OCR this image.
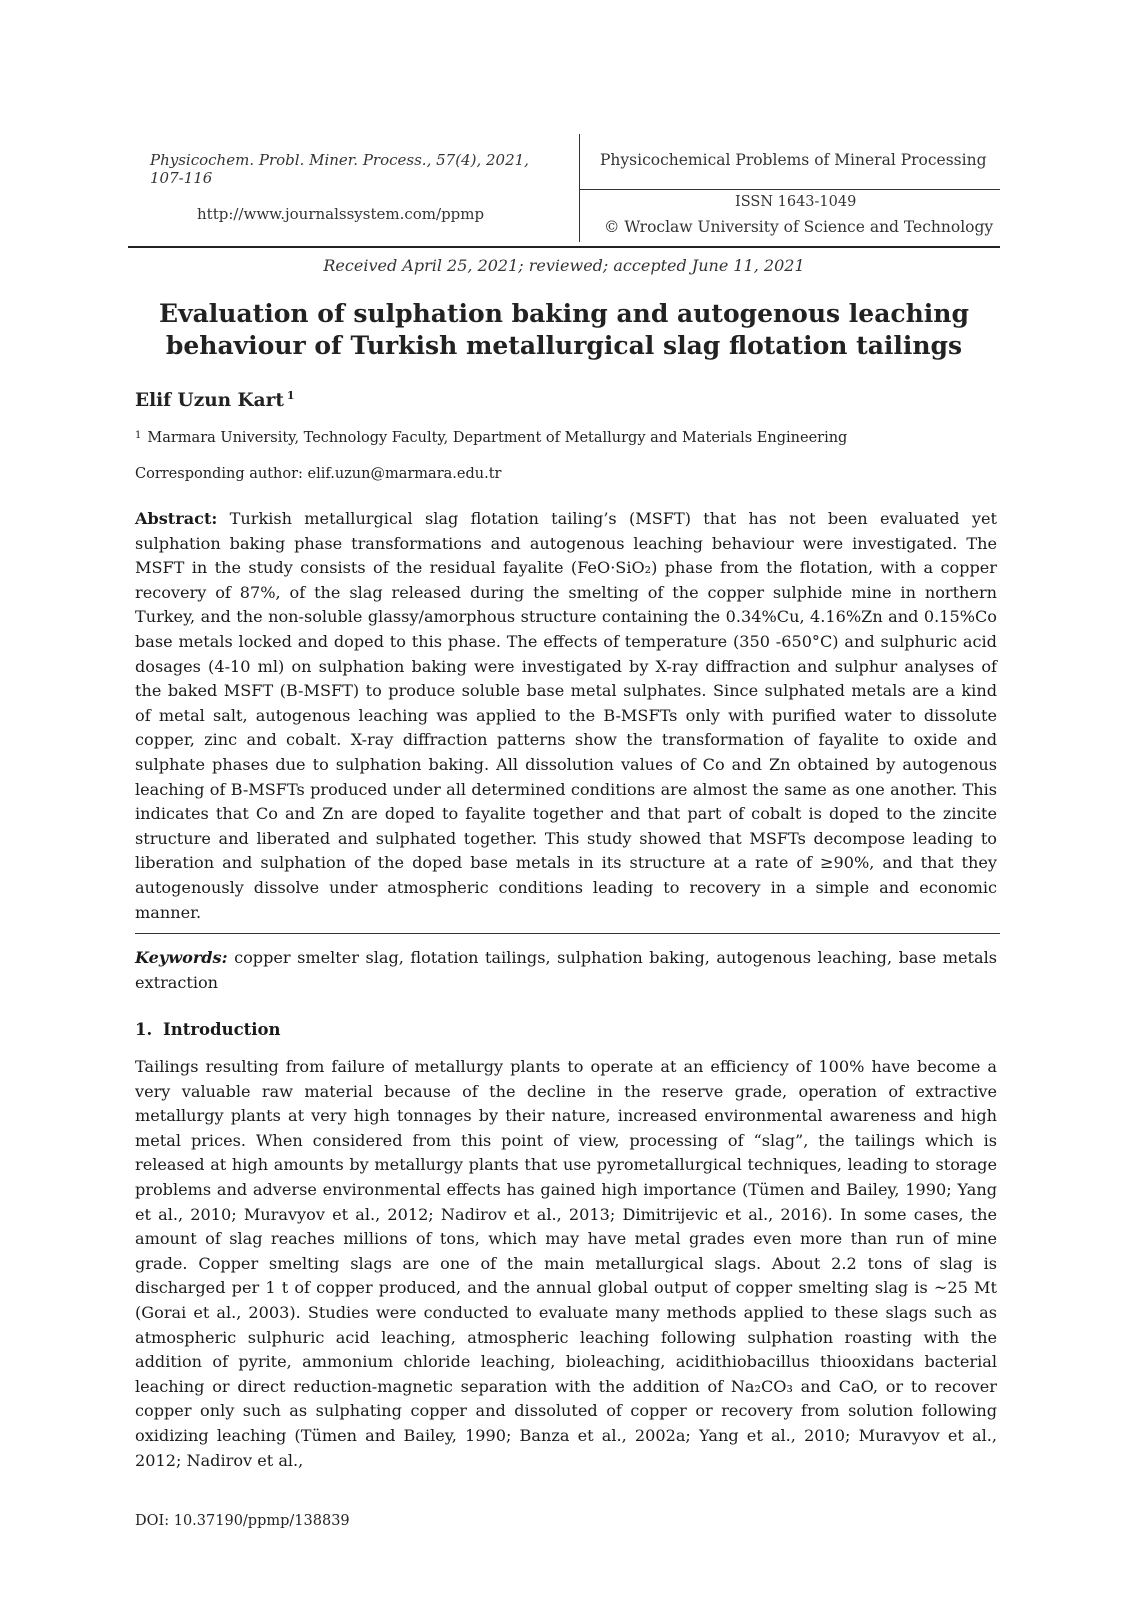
Physicochem. Probl. Miner. Process., 57(4), 2021, 107-116
http://www.journalssystem.com/ppmp
Physicochemical Problems of Mineral Processing
ISSN 1643-1049
© Wroclaw University of Science and Technology
Received April 25, 2021; reviewed; accepted June 11, 2021
Evaluation of sulphation baking and autogenous leaching behaviour of Turkish metallurgical slag flotation tailings
Elif Uzun Kart $^1$
$^1$ Marmara University, Technology Faculty, Department of Metallurgy and Materials Engineering
Corresponding author: elif.uzun@marmara.edu.tr
Abstract: Turkish metallurgical slag flotation tailing’s (MSFT) that has not been evaluated yet sulphation baking phase transformations and autogenous leaching behaviour were investigated. The MSFT in the study consists of the residual fayalite (FeO·SiO₂) phase from the flotation, with a copper recovery of 87%, of the slag released during the smelting of the copper sulphide mine in northern Turkey, and the non-soluble glassy/amorphous structure containing the 0.34%Cu, 4.16%Zn and 0.15%Co base metals locked and doped to this phase. The effects of temperature (350 -650°C) and sulphuric acid dosages (4-10 ml) on sulphation baking were investigated by X-ray diffraction and sulphur analyses of the baked MSFT (B-MSFT) to produce soluble base metal sulphates. Since sulphated metals are a kind of metal salt, autogenous leaching was applied to the B-MSFTs only with purified water to dissolute copper, zinc and cobalt. X-ray diffraction patterns show the transformation of fayalite to oxide and sulphate phases due to sulphation baking. All dissolution values of Co and Zn obtained by autogenous leaching of B-MSFTs produced under all determined conditions are almost the same as one another. This indicates that Co and Zn are doped to fayalite together and that part of cobalt is doped to the zincite structure and liberated and sulphated together. This study showed that MSFTs decompose leading to liberation and sulphation of the doped base metals in its structure at a rate of ≥90%, and that they autogenously dissolve under atmospheric conditions leading to recovery in a simple and economic manner.
Keywords: copper smelter slag, flotation tailings, sulphation baking, autogenous leaching, base metals extraction
1. Introduction
Tailings resulting from failure of metallurgy plants to operate at an efficiency of 100% have become a very valuable raw material because of the decline in the reserve grade, operation of extractive metallurgy plants at very high tonnages by their nature, increased environmental awareness and high metal prices. When considered from this point of view, processing of “slag”, the tailings which is released at high amounts by metallurgy plants that use pyrometallurgical techniques, leading to storage problems and adverse environmental effects has gained high importance (Tümen and Bailey, 1990; Yang et al., 2010; Muravyov et al., 2012; Nadirov et al., 2013; Dimitrijevic et al., 2016). In some cases, the amount of slag reaches millions of tons, which may have metal grades even more than run of mine grade. Copper smelting slags are one of the main metallurgical slags. About 2.2 tons of slag is discharged per 1 t of copper produced, and the annual global output of copper smelting slag is ~25 Mt (Gorai et al., 2003). Studies were conducted to evaluate many methods applied to these slags such as atmospheric sulphuric acid leaching, atmospheric leaching following sulphation roasting with the addition of pyrite, ammonium chloride leaching, bioleaching, acidithiobacillus thiooxidans bacterial leaching or direct reduction-magnetic separation with the addition of Na₂CO₃ and CaO, or to recover copper only such as sulphating copper and dissoluted of copper or recovery from solution following oxidizing leaching (Tümen and Bailey, 1990; Banza et al., 2002a; Yang et al., 2010; Muravyov et al., 2012; Nadirov et al.,
DOI: 10.37190/ppmp/138839
